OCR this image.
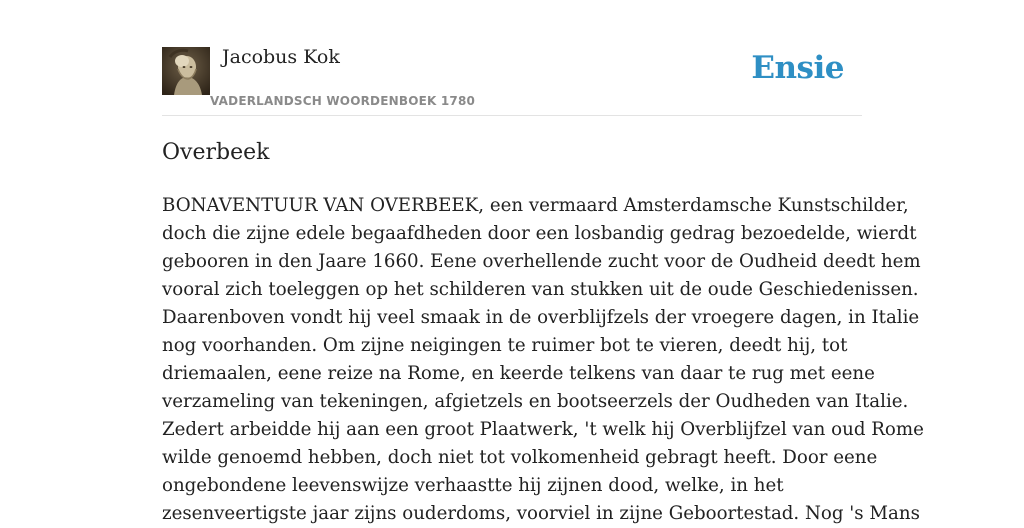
Jacobus Kok
VADERLANDSCH WOORDENBOEK 1780
Ensie
Overbeek
BONAVENTUUR VAN OVERBEEK, een vermaard Amsterdamsche Kunstschilder,
doch die zijne edele begaafdheden door een losbandig gedrag bezoedelde, wierdt
gebooren in den Jaare 1660. Eene overhellende zucht voor de Oudheid deedt hem
vooral zich toeleggen op het schilderen van stukken uit de oude Geschiedenissen.
Daarenboven vondt hij veel smaak in de overblijfzels der vroegere dagen, in Italie
nog voorhanden. Om zijne neigingen te ruimer bot te vieren, deedt hij, tot
driemaalen, eene reize na Rome, en keerde telkens van daar te rug met eene
verzameling van tekeningen, afgietzels en bootseerzels der Oudheden van Italie.
Zedert arbeidde hij aan een groot Plaatwerk, 't welk hij Overblijfzel van oud Rome
wilde genoemd hebben, doch niet tot volkomenheid gebragt heeft. Door eene
ongebondene leevenswijze verhaastte hij zijnen dood, welke, in het
zesenveertigste jaar zijns ouderdoms, voorviel in zijne Geboortestad. Nog 's Mans
